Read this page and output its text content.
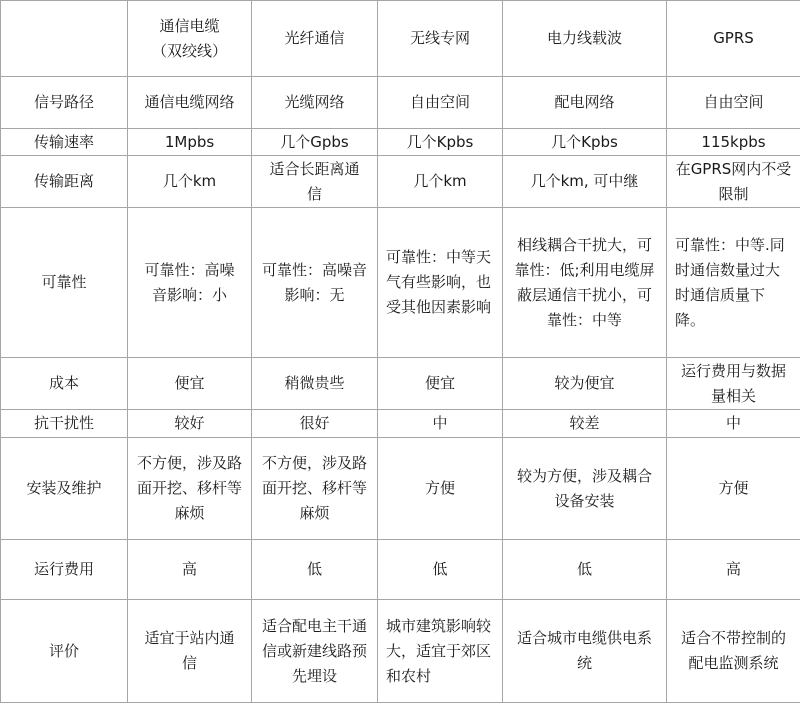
	通信电缆（双绞线）	光纤通信	无线专网	电力线载波	GPRS
信号路径	通信电缆网络	光缆网络	自由空间	配电网络	自由空间
传输速率	1Mpbs	几个Gpbs	几个Kpbs	几个Kpbs	115kpbs
传输距离	几个km	适合长距离通信	几个km	几个km, 可中继	在GPRS网内不受限制
可靠性	可靠性：高噪音影响：小	可靠性：高噪音影响：无	可靠性：中等天气有些影响，也受其他因素影响	相线耦合干扰大，可靠性：低;利用电缆屏蔽层通信干扰小，可靠性：中等	可靠性：中等.同时通信数量过大时通信质量下降。
成本	便宜	稍微贵些	便宜	较为便宜	运行费用与数据量相关
抗干扰性	较好	很好	中	较差	中
安装及维护	不方便，涉及路面开挖、移杆等麻烦	不方便，涉及路面开挖、移杆等麻烦	方便	较为方便，涉及耦合设备安装	方便
运行费用	高	低	低	低	高
评价	适宜于站内通信	适合配电主干通信或新建线路预先埋设	城市建筑影响较大，适宜于郊区和农村	适合城市电缆供电系统	适合不带控制的配电监测系统
